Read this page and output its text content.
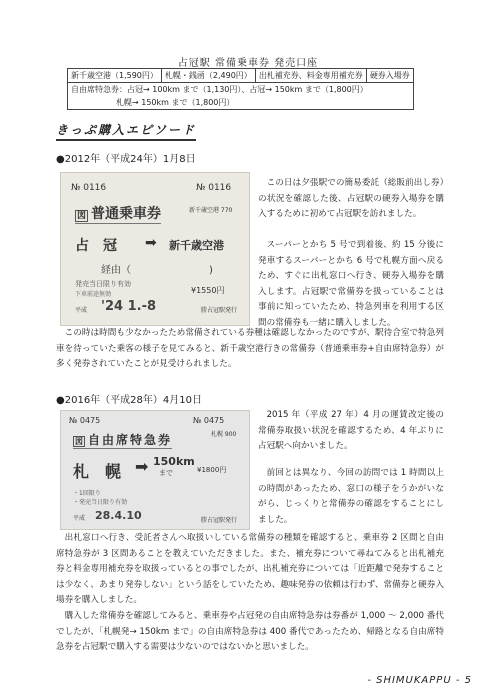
占冠駅 常備乗車券 発売口座
新千歳空港（1,590円）	札幌・銭函（2,490円）	出札補充券、料金専用補充券	硬券入場券
自由席特急券：占冠→ 100km まで（1,130円）、占冠→ 150km まで（1,800円）
札幌→ 150km まで（1,800円）
きっぷ購入エピソード
●2012年（平成24年）1月8日
№ 0116	№ 0116
図 普通乗車券	新千歳空港 770
占　冠 ➡ 新千歳空港
経由（	)
発売当日限り有効
下車前途無効	¥1550円
平成 '24 1.-8	勝占冠駅発行

この日は夕張駅での簡易委託（総販前出し券）の状況を確認した後、占冠駅の硬券入場券を購入するために初めて占冠駅を訪れました。

スーパーとかち 5 号で到着後、約 15 分後に発車するスーパーとかち 6 号で札幌方面へ戻るため、すぐに出札窓口へ行き、硬券入場券を購入します。占冠駅で常備券を扱っていることは事前に知っていたため、特急列車を利用する区間の常備券も一緒に購入しました。

この時は時間も少なかったため常備されている券種は確認しなかったのですが、駅待合室で特急列車を待っていた乗客の様子を見てみると、新千歳空港行きの常備券（普通乗車券+自由席特急券）が多く発券されていたことが見受けられました。

●2016年（平成28年）4月10日
№ 0475	№ 0475
図 自由席特急券	札幌 900
札　幌 ➡ 150km
まで	¥1800円
・1回限り
・発売当日限り有効
平成 28.4.10	勝占冠駅発行

2015 年（平成 27 年）4 月の運賃改定後の常備券取扱い状況を確認するため、4 年ぶりに占冠駅へ向かいました。

前回とは異なり、今回の訪問では 1 時間以上の時間があったため、窓口の様子をうかがいながら、じっくりと常備券の確認をすることにしました。

出札窓口へ行き、受託者さんへ取扱いしている常備券の種類を確認すると、乗車券 2 区間と自由席特急券が 3 区間あることを教えていただきました。また、補充券について尋ねてみると出札補充券と料金専用補充券を取扱っているとの事でしたが、出札補充券については「近距離で発券することは少なく、あまり発券しない」という話をしていたため、趣味発券の依頼は行わず、常備券と硬券入場券を購入しました。

購入した常備券を確認してみると、乗車券や占冠発の自由席特急券は券番が 1,000 ～ 2,000 番代でしたが、「札幌発→ 150km まで」の自由席特急券は 400 番代であったため、帰路となる自由席特急券を占冠駅で購入する需要は少ないのではないかと思いました。

- SHIMUKAPPU - 5
